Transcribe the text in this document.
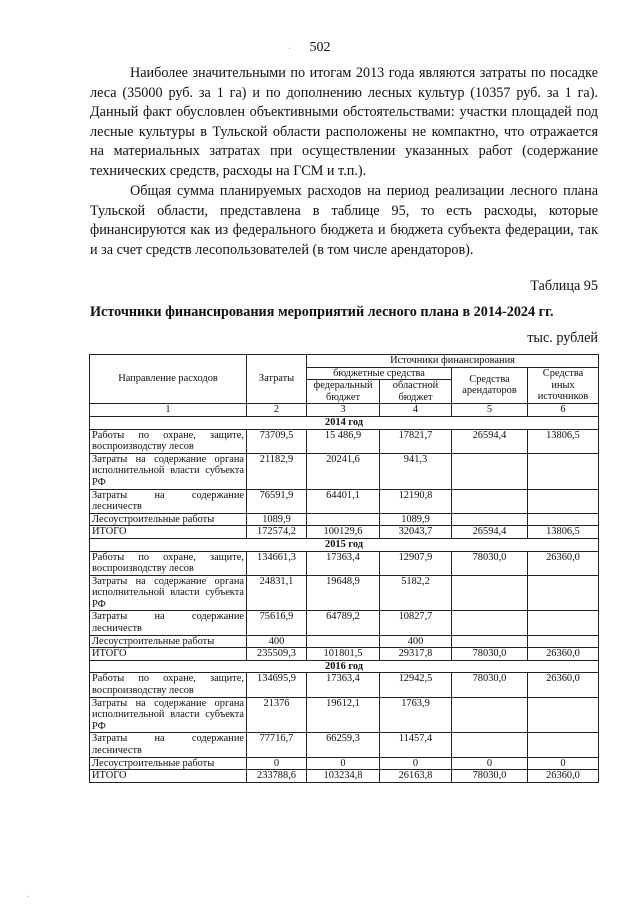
502
·
Наиболее значительными по итогам 2013 года являются затраты по посадке леса (35000 руб. за 1 га) и по дополнению лесных культур (10357 руб. за 1 га). Данный факт обусловлен объективными обстоятельствами: участки площадей под лесные культуры в Тульской области расположены не компактно, что отражается на материальных затратах при осуществлении указанных работ (содержание технических средств, расходы на ГСМ и т.п.).
Общая сумма планируемых расходов на период реализации лесного плана Тульской области, представлена в таблице 95, то есть расходы, которые финансируются как из федерального бюджета и бюджета субъекта федерации, так и за счет средств лесопользователей (в том числе арендаторов).
Таблица 95
Источники финансирования мероприятий лесного плана в 2014-2024 гг.
тыс. рублей
Направление расходов	Затраты	Источники финансирования			
		бюджетные средства		Средства арендаторов	Средства иных источников
		федеральный бюджет	областной бюджет		
1	2	3	4	5	6
2014 год					
Работы по охране, защите, воспроизводству лесов	73709,5	15 486,9	17821,7	26594,4	13806,5
Затраты на содержание органа исполнительной власти субъекта РФ	21182,9	20241,6	941,3		
Затраты на содержание лесничеств	76591,9	64401,1	12190,8		
Лесоустроительные работы	1089,9		1089,9		
ИТОГО	172574,2	100129,6	32043,7	26594,4	13806,5
2015 год					
Работы по охране, защите, воспроизводству лесов	134661,3	17363,4	12907,9	78030,0	26360,0
Затраты на содержание органа исполнительной власти субъекта РФ	24831,1	19648,9	5182,2		
Затраты на содержание лесничеств	75616,9	64789,2	10827,7		
Лесоустроительные работы	400		400		
ИТОГО	235509,3	101801,5	29317,8	78030,0	26360,0
2016 год					
Работы по охране, защите, воспроизводству лесов	134695,9	17363,4	12942,5	78030,0	26360,0
Затраты на содержание органа исполнительной власти субъекта РФ	21376	19612,1	1763,9		
Затраты на содержание лесничеств	77716,7	66259,3	11457,4		
Лесоустроительные работы	0	0	0	0	0
ИТОГО	233788,6	103234,8	26163,8	78030,0	26360,0
·
